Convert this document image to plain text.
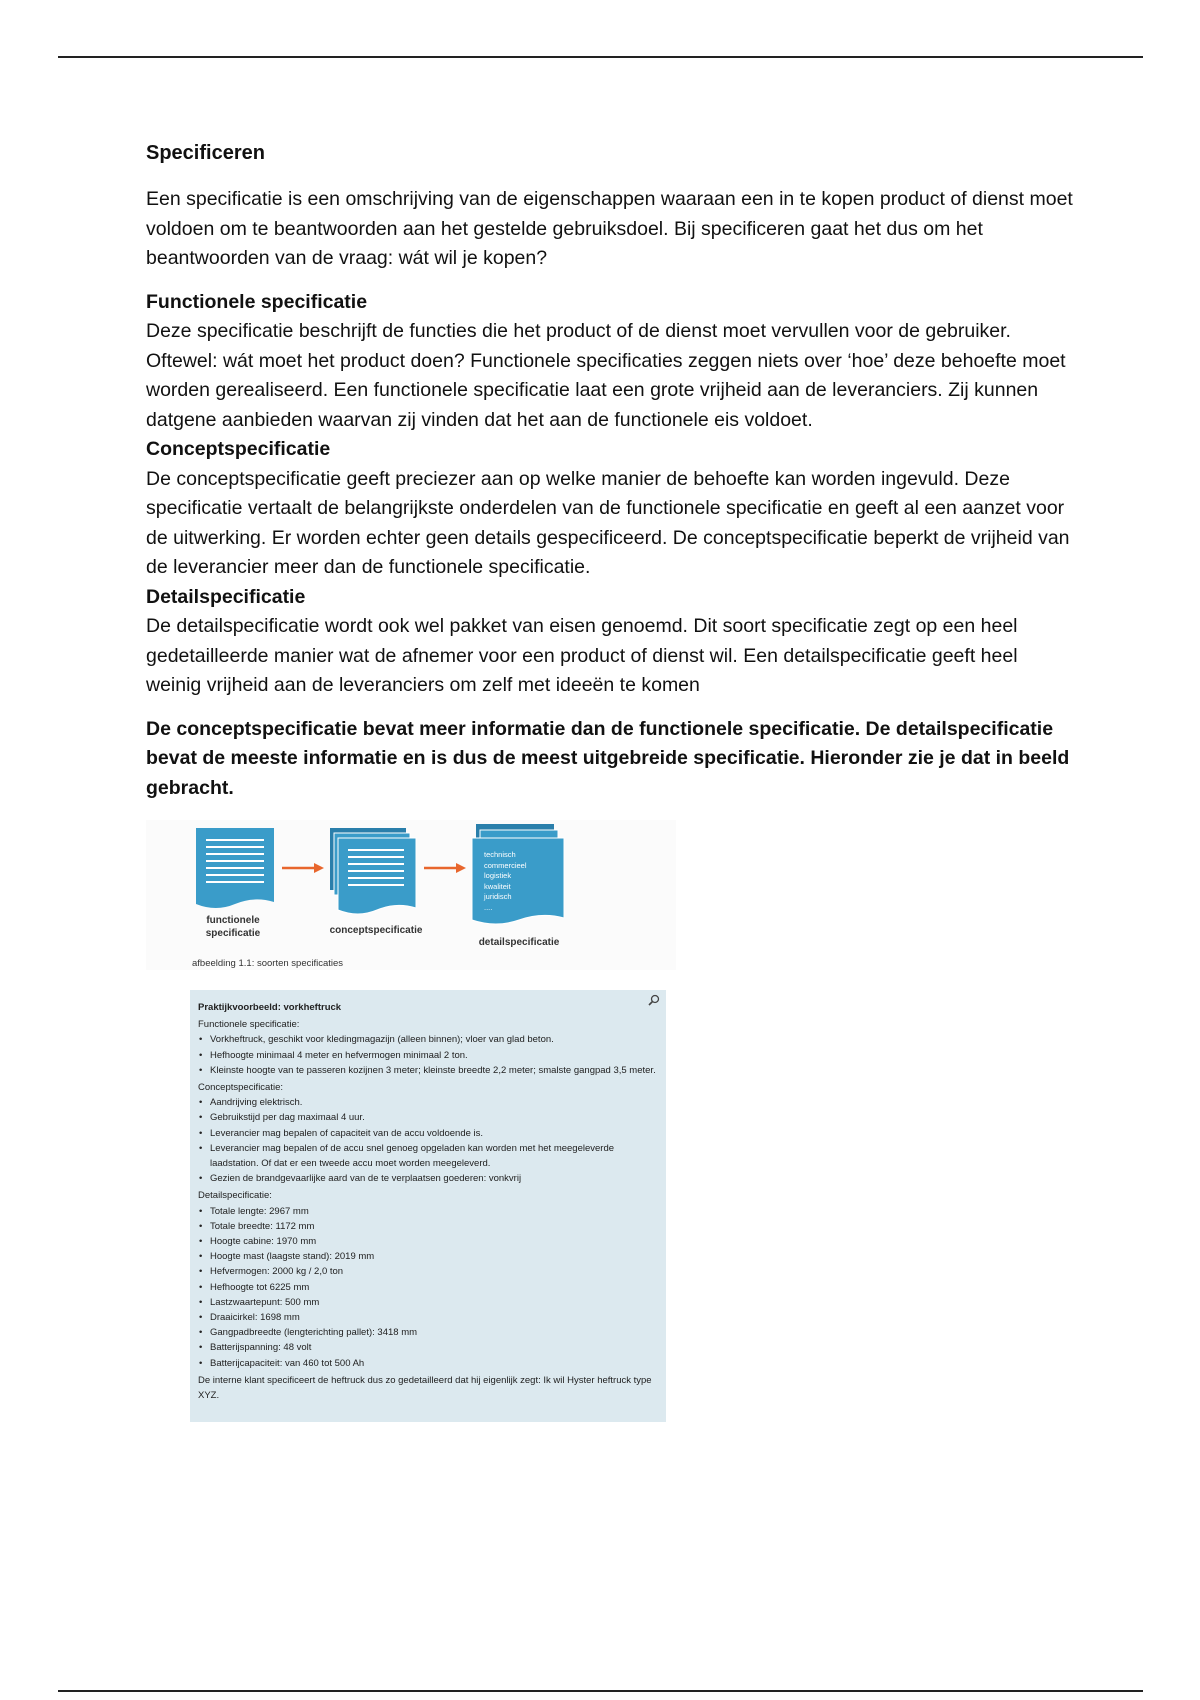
Specificeren

Een specificatie is een omschrijving van de eigenschappen waaraan een in te kopen product of dienst moet voldoen om te beantwoorden aan het gestelde gebruiksdoel. Bij specificeren gaat het dus om het beantwoorden van de vraag: wát wil je kopen?

Functionele specificatie

Deze specificatie beschrijft de functies die het product of de dienst moet vervullen voor de gebruiker. Oftewel: wát moet het product doen? Functionele specificaties zeggen niets over ‘hoe’ deze behoefte moet worden gerealiseerd. Een functionele specificatie laat een grote vrijheid aan de leveranciers. Zij kunnen datgene aanbieden waarvan zij vinden dat het aan de functionele eis voldoet.

Conceptspecificatie

De conceptspecificatie geeft preciezer aan op welke manier de behoefte kan worden ingevuld. Deze specificatie vertaalt de belangrijkste onderdelen van de functionele specificatie en geeft al een aanzet voor de uitwerking. Er worden echter geen details gespecificeerd. De conceptspecificatie beperkt de vrijheid van de leverancier meer dan de functionele specificatie.

Detailspecificatie

De detailspecificatie wordt ook wel pakket van eisen genoemd. Dit soort specificatie zegt op een heel gedetailleerde manier wat de afnemer voor een product of dienst wil. Een detailspecificatie geeft heel weinig vrijheid aan de leveranciers om zelf met ideeën te komen

De conceptspecificatie bevat meer informatie dan de functionele specificatie. De detailspecificatie bevat de meeste informatie en is dus de meest uitgebreide specificatie. Hieronder zie je dat in beeld gebracht.

technisch
commercieel
logistiek
kwaliteit
juridisch
....
functionele specificatie	conceptspecificatie
detailspecificatie
afbeelding 1.1: soorten specificaties
Praktijkvoorbeeld: vorkheftruck
Functionele specificatie:
• Vorkheftruck, geschikt voor kledingmagazijn (alleen binnen); vloer van glad beton.
• Hefhoogte minimaal 4 meter en hefvermogen minimaal 2 ton.
• Kleinste hoogte van te passeren kozijnen 3 meter; kleinste breedte 2,2 meter; smalste gangpad 3,5 meter.
Conceptspecificatie:
• Aandrijving elektrisch.
• Gebruikstijd per dag maximaal 4 uur.
• Leverancier mag bepalen of capaciteit van de accu voldoende is.
• Leverancier mag bepalen of de accu snel genoeg opgeladen kan worden met het meegeleverde laadstation. Of dat er een tweede accu moet worden meegeleverd.
• Gezien de brandgevaarlijke aard van de te verplaatsen goederen: vonkvrij
Detailspecificatie:
• Totale lengte: 2967 mm
• Totale breedte: 1172 mm
• Hoogte cabine: 1970 mm
• Hoogte mast (laagste stand): 2019 mm
• Hefvermogen: 2000 kg / 2,0 ton
• Hefhoogte tot 6225 mm
• Lastzwaartepunt: 500 mm
• Draaicirkel: 1698 mm
• Gangpadbreedte (lengterichting pallet): 3418 mm
• Batterijspanning: 48 volt
• Batterijcapaciteit: van 460 tot 500 Ah
De interne klant specificeert de heftruck dus zo gedetailleerd dat hij eigenlijk zegt: Ik wil Hyster heftruck type XYZ.
